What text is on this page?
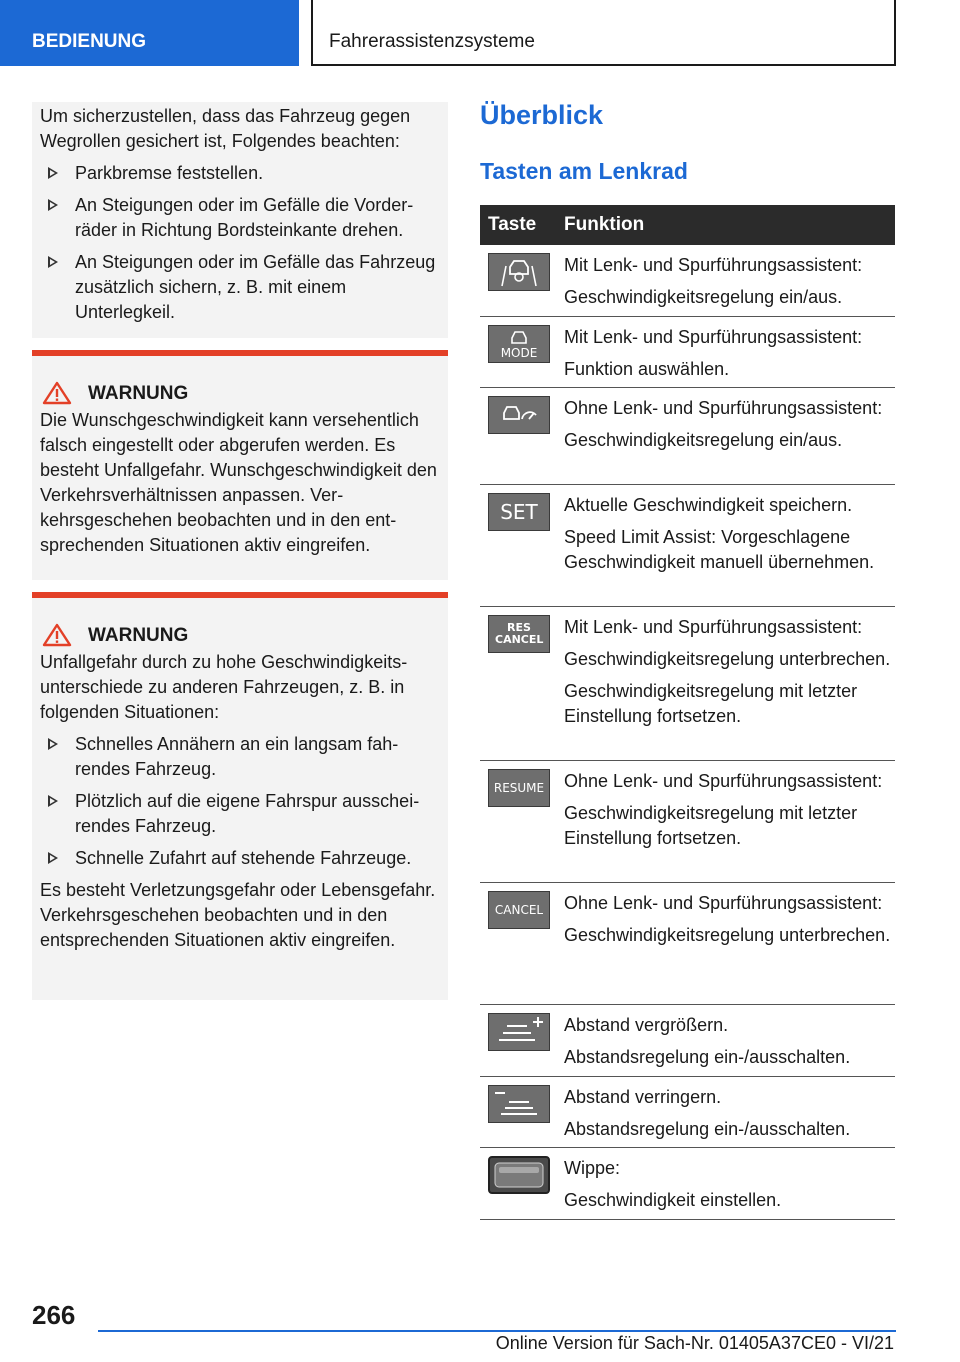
BEDIENUNG	Fahrerassistenzsysteme

Um sicherzustellen, dass das Fahrzeug gegen Wegrollen gesichert ist, Folgendes beachten:

Parkbremse feststellen.
An Steigungen oder im Gefälle die Vorderräder in Richtung Bordsteinkante drehen.
An Steigungen oder im Gefälle das Fahrzeug zusätzlich sichern, z. B. mit einem Unterlegkeil.
WARNUNG

Die Wunschgeschwindigkeit kann versehentlich falsch eingestellt oder abgerufen werden. Es besteht Unfallgefahr. Wunschgeschwindigkeit den Verkehrsverhältnissen anpassen. Verkehrsgeschehen beobachten und in den entsprechenden Situationen aktiv eingreifen.

WARNUNG

Unfallgefahr durch zu hohe Geschwindigkeitsunterschiede zu anderen Fahrzeugen, z. B. in folgenden Situationen:

Schnelles Annähern an ein langsam fahrendes Fahrzeug.
Plötzlich auf die eigene Fahrspur ausscheirendes Fahrzeug.
Schnelle Zufahrt auf stehende Fahrzeuge.

Es besteht Verletzungsgefahr oder Lebensgefahr. Verkehrsgeschehen beobachten und in den entsprechenden Situationen aktiv eingreifen.

Überblick
Tasten am Lenkrad
Taste	Funktion

Mit Lenk- und Spurführungsassistent:

Geschwindigkeitsregelung ein/aus.

MODE

Mit Lenk- und Spurführungsassistent:

Funktion auswählen.

Ohne Lenk- und Spurführungsassistent:

Geschwindigkeitsregelung ein/aus.

SET Aktuelle Geschwindigkeit speichern.

Speed Limit Assist: Vorgeschlagene Geschwindigkeit manuell übernehmen.

RES CANCEL

Mit Lenk- und Spurführungsassistent:

Geschwindigkeitsregelung unterbrechen.

Geschwindigkeitsregelung mit letzter Einstellung fortsetzen.

RESUME Ohne Lenk- und Spurführungsassistent:

Geschwindigkeitsregelung mit letzter Einstellung fortsetzen.

CANCEL Ohne Lenk- und Spurführungsassistent:

Geschwindigkeitsregelung unterbrechen.

Abstand vergrößern.

Abstandsregelung ein-/ausschalten.

Abstand verringern.

Abstandsregelung ein-/ausschalten.

Wippe:

Geschwindigkeit einstellen.

266
Online Version für Sach-Nr. 01405A37CE0 - VI/21
